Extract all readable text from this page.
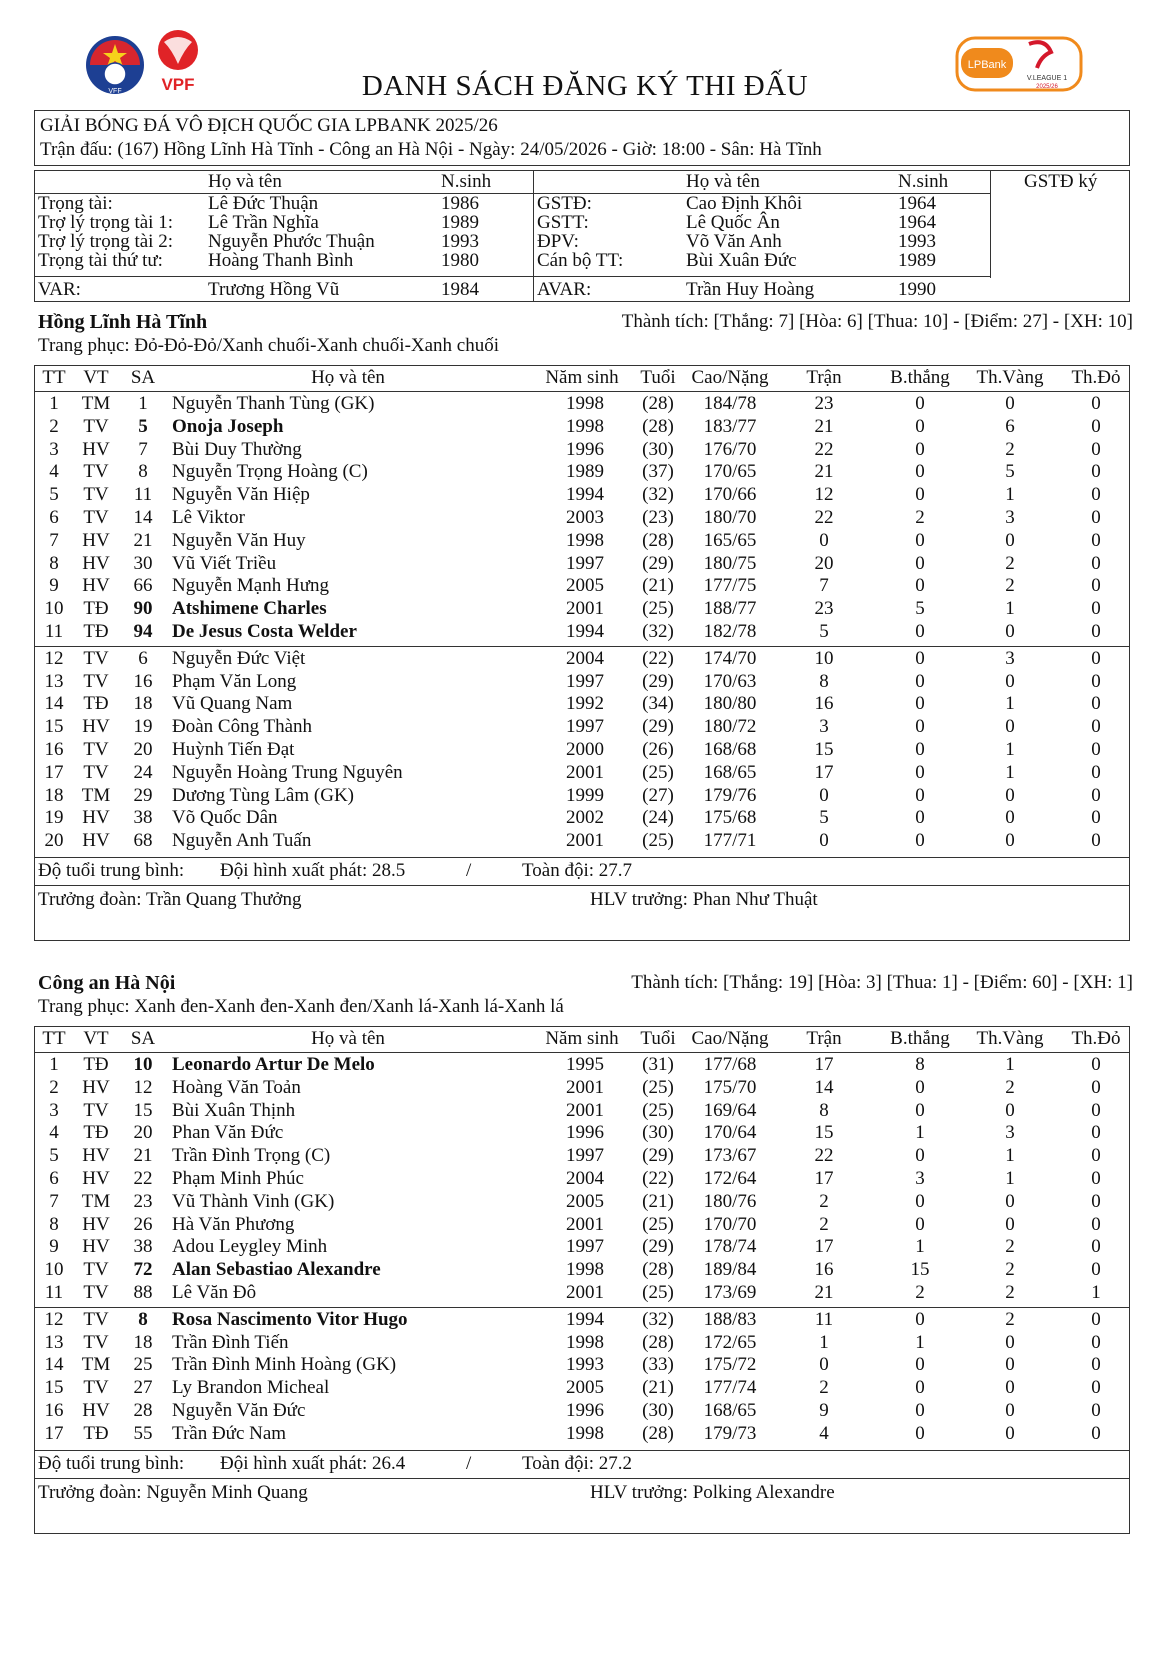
VFF VPF
LPBank
V.LEAGUE 1
2025/26
DANH SÁCH ĐĂNG KÝ THI ĐẤU
GIẢI BÓNG ĐÁ VÔ ĐỊCH QUỐC GIA LPBANK 2025/26
Trận đấu: (167) Hồng Lĩnh Hà Tĩnh - Công an Hà Nội - Ngày: 24/05/2026 - Giờ: 18:00 - Sân: Hà Tĩnh
Họ và tên	N.sinh	Họ và tên	N.sinh	GSTĐ ký
Trọng tài:	Lê Đức Thuận	1986
Trợ lý trọng tài 1: Lê Trần Nghĩa	1989
Trợ lý trọng tài 2: Nguyễn Phước Thuận	1993
Trọng tài thứ tư: Hoàng Thanh Bình	1980
GSTĐ:	Cao Định Khôi	1964
GSTT:	Lê Quốc Ân	1964
ĐPV:	Võ Văn Anh	1993
Cán bộ TT:	Bùi Xuân Đức	1989
VAR:	Trương Hồng Vũ	1984	AVAR:	Trần Huy Hoàng	1990
Hồng Lĩnh Hà Tĩnh	Thành tích: [Thắng: 7] [Hòa: 6] [Thua: 10] - [Điểm: 27] - [XH: 10]
Trang phục: Đỏ-Đỏ-Đỏ/Xanh chuối-Xanh chuối-Xanh chuối
TT VT	SA	Họ và tên	Năm sinh	Tuổi Cao/Nặng	Trận	B.thắng	Th.Vàng	Th.Đỏ
1	TM	1	Nguyễn Thanh Tùng (GK)	1998	(28)	184/78	23	0	0	0
2	TV	5	Onoja Joseph	1998	(28)	183/77	21	0	6	0
3	HV	7	Bùi Duy Thường	1996	(30)	176/70	22	0	2	0
4	TV	8	Nguyễn Trọng Hoàng (C)	1989	(37)	170/65	21	0	5	0
5	TV	11	Nguyễn Văn Hiệp	1994	(32)	170/66	12	0	1	0
6	TV 14 Lê Viktor	2003	(23)	180/70	22	2	3	0
7	HV 21 Nguyễn Văn Huy	1998	(28)	165/65	0	0	0	0
8	HV 30 Vũ Viết Triều	1997	(29)	180/75	20	0	2	0
9	HV 66 Nguyễn Mạnh Hưng	2005	(21)	177/75	7	0	2	0
10 TĐ 90 Atshimene Charles	2001	(25)	188/77	23	5	1	0
11	TĐ 94 De Jesus Costa Welder	1994	(32)	182/78	5	0	0	0
12 TV	6	Nguyễn Đức Việt	2004	(22)	174/70	10	0	3	0
13 TV 16 Phạm Văn Long	1997	(29)	170/63	8	0	0	0
14 TĐ 18 Vũ Quang Nam	1992	(34)	180/80	16	0	1	0
15 HV 19 Đoàn Công Thành	1997	(29)	180/72	3	0	0	0
16 TV 20 Huỳnh Tiến Đạt	2000	(26)	168/68	15	0	1	0
17 TV 24 Nguyễn Hoàng Trung Nguyên	2001	(25)	168/65	17	0	1	0
18 TM 29 Dương Tùng Lâm (GK)	1999	(27)	179/76	0	0	0	0
19 HV 38 Võ Quốc Dân	2002	(24)	175/68	5	0	0	0
20 HV 68 Nguyễn Anh Tuấn	2001	(25)	177/71	0	0	0	0
Độ tuổi trung bình: Đội hình xuất phát: 28.5	/	Toàn đội: 27.7
Trưởng đoàn: Trần Quang Thưởng	HLV trưởng: Phan Như Thuật
Công an Hà Nội	Thành tích: [Thắng: 19] [Hòa: 3] [Thua: 1] - [Điểm: 60] - [XH: 1]
Trang phục: Xanh đen-Xanh đen-Xanh đen/Xanh lá-Xanh lá-Xanh lá
TT VT	SA	Họ và tên	Năm sinh	Tuổi Cao/Nặng	Trận	B.thắng	Th.Vàng	Th.Đỏ
1	TĐ 10 Leonardo Artur De Melo	1995	(31)	177/68	17	8	1	0
2	HV 12 Hoàng Văn Toản	2001	(25)	175/70	14	0	2	0
3	TV 15 Bùi Xuân Thịnh	2001	(25)	169/64	8	0	0	0
4	TĐ 20 Phan Văn Đức	1996	(30)	170/64	15	1	3	0
5	HV 21 Trần Đình Trọng (C)	1997	(29)	173/67	22	0	1	0
6	HV 22 Phạm Minh Phúc	2004	(22)	172/64	17	3	1	0
7	TM 23 Vũ Thành Vinh (GK)	2005	(21)	180/76	2	0	0	0
8	HV 26 Hà Văn Phương	2001	(25)	170/70	2	0	0	0
9	HV 38 Adou Leygley Minh	1997	(29)	178/74	17	1	2	0
10 TV 72 Alan Sebastiao Alexandre	1998	(28)	189/84	16	15	2	0
11	TV 88 Lê Văn Đô	2001	(25)	173/69	21	2	2	1
12 TV	8	Rosa Nascimento Vitor Hugo	1994	(32)	188/83	11	0	2	0
13 TV 18 Trần Đình Tiến	1998	(28)	172/65	1	1	0	0
14 TM 25 Trần Đình Minh Hoàng (GK)	1993	(33)	175/72	0	0	0	0
15 TV 27 Ly Brandon Micheal	2005	(21)	177/74	2	0	0	0
16 HV 28 Nguyễn Văn Đức	1996	(30)	168/65	9	0	0	0
17 TĐ 55 Trần Đức Nam	1998	(28)	179/73	4	0	0	0
Độ tuổi trung bình: Đội hình xuất phát: 26.4	/	Toàn đội: 27.2
Trưởng đoàn: Nguyễn Minh Quang	HLV trưởng: Polking Alexandre
